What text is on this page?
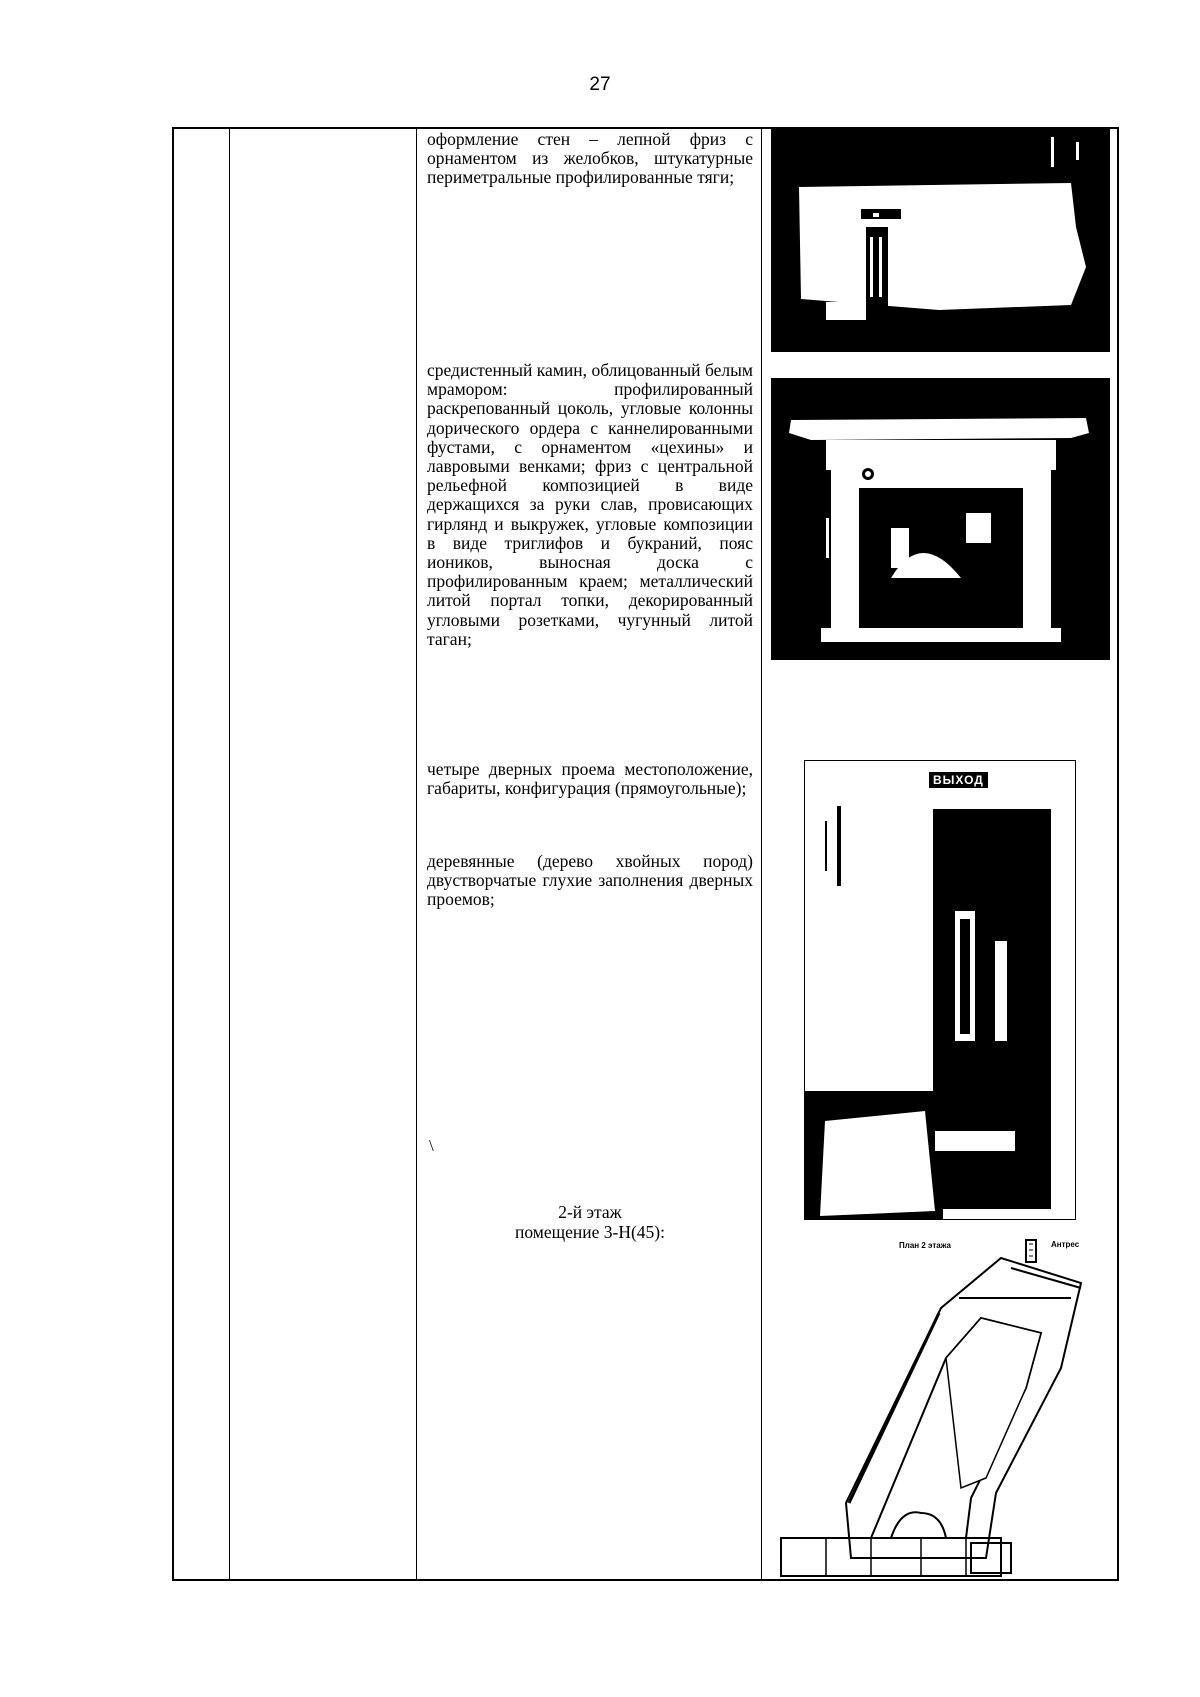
27
оформление стен – лепной фриз с орнаментом из желобков, штукатурные периметральные профилированные тяги;
средистенный камин, облицованный белым мрамором: профилированный раскрепованный цоколь, угловые колонны дорического ордера с каннелированными фустами, с орнаментом «цехины» и лавровыми венками; фриз с центральной рельефной композицией в виде держащихся за руки слав, провисающих гирлянд и выкружек, угловые композиции в виде триглифов и букраний, пояс иоников, выносная доска с профилированным краем; металлический литой портал топки, декорированный угловыми розетками, чугунный литой таган;
четыре дверных проема местоположение, габариты, конфигурация (прямоугольные);
деревянные (дерево хвойных пород) двустворчатые глухие заполнения дверных проемов;
\
2-й этаж
помещение 3-Н(45):
ВЫХОД
План 2 этажа	Антрес
